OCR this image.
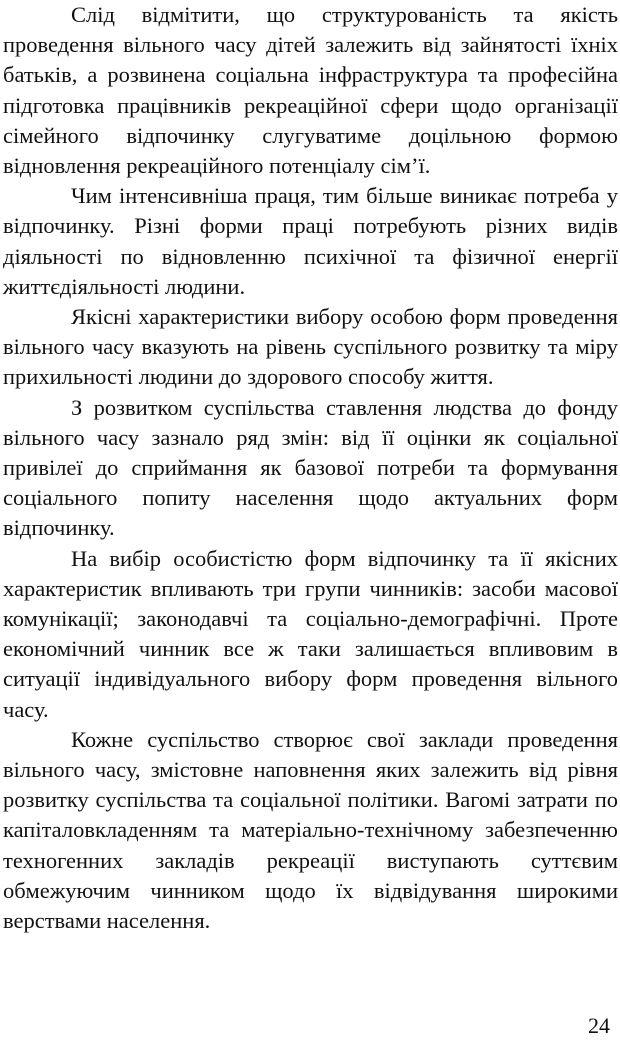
Слід відмітити, що структурованість та якість проведення вільного часу дітей залежить від зайнятості їхніх батьків, а розвинена соціальна інфраструктура та професійна підготовка працівників рекреаційної сфери щодо організації сімейного відпочинку слугуватиме доцільною формою відновлення рекреаційного потенціалу сім’ї.

Чим інтенсивніша праця, тим більше виникає потреба у відпочинку. Різні форми праці потребують різних видів діяльності по відновленню психічної та фізичної енергії життєдіяльності людини.

Якісні характеристики вибору особою форм проведення вільного часу вказують на рівень суспільного розвитку та міру прихильності людини до здорового способу життя.

З розвитком суспільства ставлення людства до фонду вільного часу зазнало ряд змін: від її оцінки як соціальної привілеї до сприймання як базової потреби та формування соціального попиту населення щодо актуальних форм відпочинку.

На вибір особистістю форм відпочинку та її якісних характеристик впливають три групи чинників: засоби масової комунікації; законодавчі та соціально-демографічні. Проте економічний чинник все ж таки залишається впливовим в ситуації індивідуального вибору форм проведення вільного часу.

Кожне суспільство створює свої заклади проведення вільного часу, змістовне наповнення яких залежить від рівня розвитку суспільства та соціальної політики. Вагомі затрати по капіталовкладенням та матеріально-технічному забезпеченню техногенних закладів рекреації виступають суттєвим обмежуючим чинником щодо їх відвідування широкими верствами населення.

24
